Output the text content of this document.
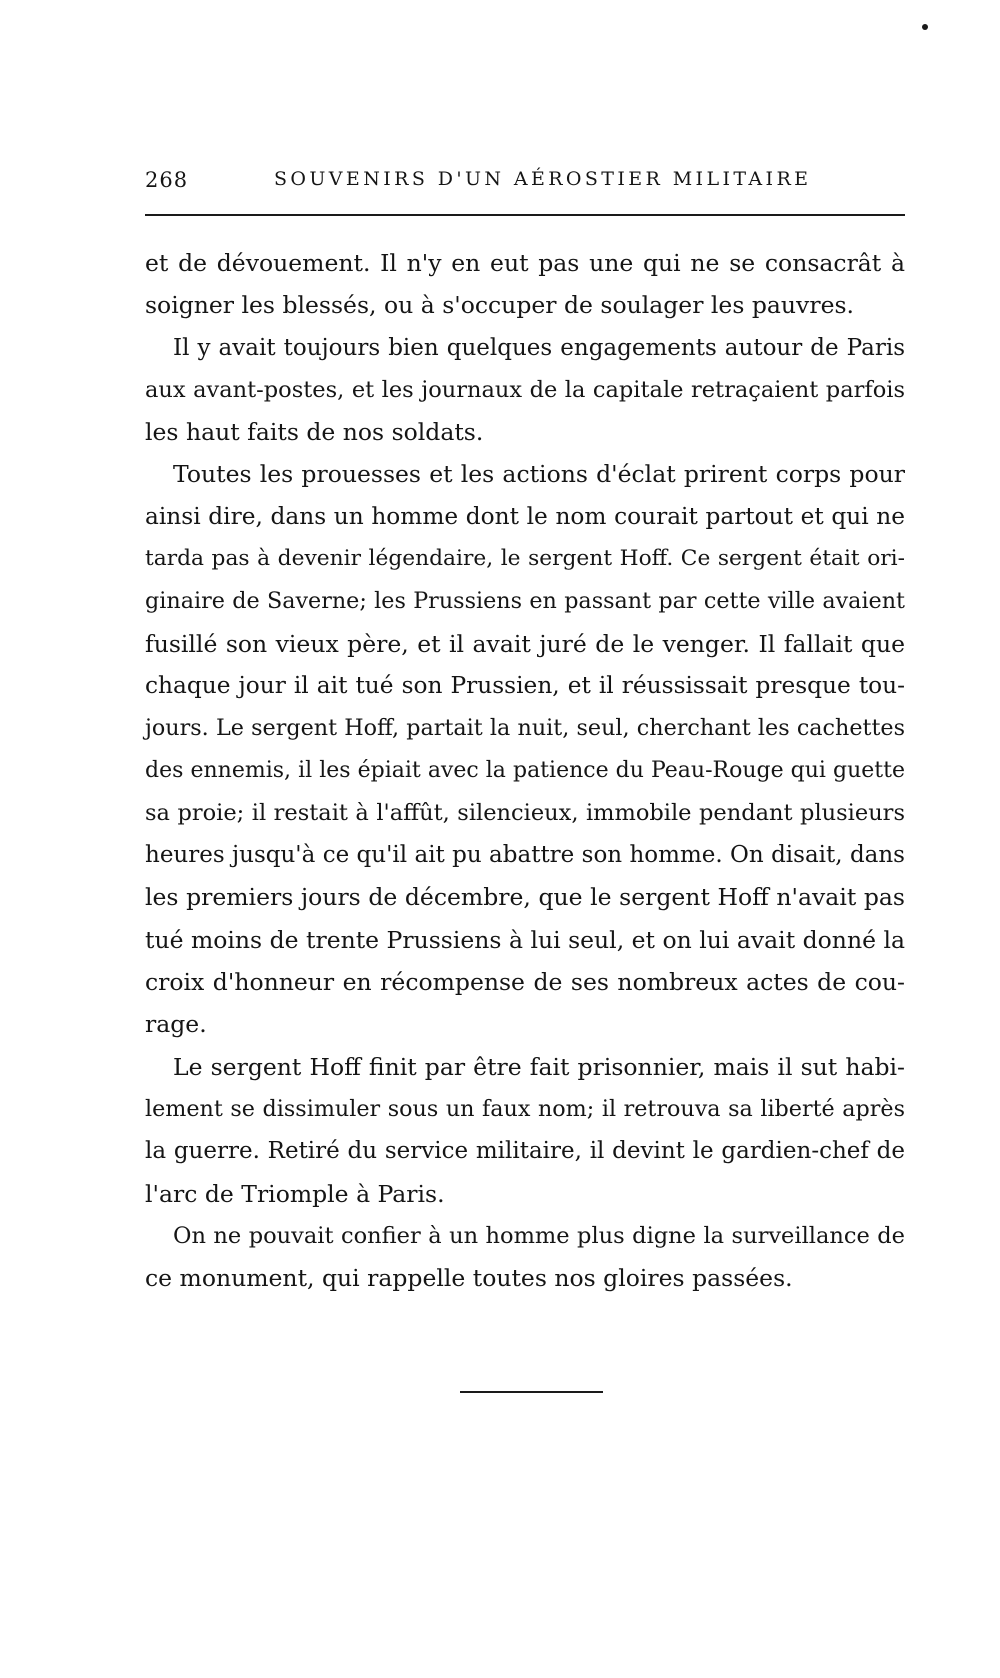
268	SOUVENIRS D'UN AÉROSTIER MILITAIRE
et de dévouement. Il n'y en eut pas une qui ne se consacrât à
soigner les blessés, ou à s'occuper de soulager les pauvres.
Il y avait toujours bien quelques engagements autour de Paris
aux avant-postes, et les journaux de la capitale retraçaient parfois
les haut faits de nos soldats.
Toutes les prouesses et les actions d'éclat prirent corps pour
ainsi dire, dans un homme dont le nom courait partout et qui ne
tarda pas à devenir légendaire, le sergent Hoff. Ce sergent était ori-
ginaire de Saverne; les Prussiens en passant par cette ville avaient
fusillé son vieux père, et il avait juré de le venger. Il fallait que
chaque jour il ait tué son Prussien, et il réussissait presque tou-
jours. Le sergent Hoff, partait la nuit, seul, cherchant les cachettes
des ennemis, il les épiait avec la patience du Peau-Rouge qui guette
sa proie; il restait à l'affût, silencieux, immobile pendant plusieurs
heures jusqu'à ce qu'il ait pu abattre son homme. On disait, dans
les premiers jours de décembre, que le sergent Hoff n'avait pas
tué moins de trente Prussiens à lui seul, et on lui avait donné la
croix d'honneur en récompense de ses nombreux actes de cou-
rage.
Le sergent Hoff finit par être fait prisonnier, mais il sut habi-
lement se dissimuler sous un faux nom; il retrouva sa liberté après
la guerre. Retiré du service militaire, il devint le gardien-chef de
l'arc de Triomple à Paris.
On ne pouvait confier à un homme plus digne la surveillance de
ce monument, qui rappelle toutes nos gloires passées.
